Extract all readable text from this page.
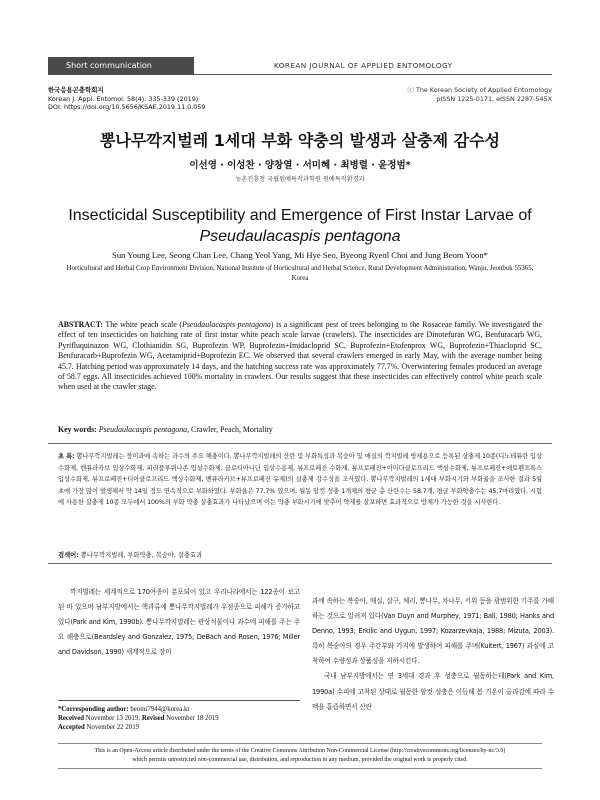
Short communication	KOREAN JOURNAL OF APPLIED ENTOMOLOGY
한국응용곤충학회지
Korean J. Appl. Entomol. 58(4): 335-339 (2019)
DOI: https://doi.org/10.5656/KSAE.2019.11.0.059
ⓒ The Korean Society of Applied Entomology
pISSN 1225-0171, eISSN 2287-545X
뽕나무깍지벌레 1세대 부화 약충의 발생과 살충제 감수성
이선영 · 이성찬 · 양창열 · 서미혜 · 최병렬 · 윤정범*
농촌진흥청 국립원예특작과학원 원예특작환경과
Insecticidal Susceptibility and Emergence of First Instar Larvae of
Pseudaulacaspis pentagona
Sun Young Lee, Seong Chan Lee, Chang Yeol Yang, Mi Hye Seo, Byeong Ryeol Choi and Jung Beom Yoon*
Horticultural and Herbal Crop Environment Division, National Institute of Horticultural and Herbal Science, Rural Development Administration, Wanju, Jeonbuk 55365, Korea
ABSTRACT: The white peach scale (Pseudaulacaspis pentagona) is a significant pest of trees belonging to the Rosaceae family. We investigated the effect of ten insecticides on hatching rate of first instar white peach scale larvae (crawlers). The insecticides are Dinotefuran WG, Benfuracarb WG, Pyrifluquinazon WG, Clothianidin SG, Buprofezin WP, Buprofezin+Imidacloprid SC, Buprofezin+Etofenprox WG, Buprofezin+Thiacloprid SC, Benfuracarb+Buprofezin WG, Acetamiprid+Buprofezin EC. We observed that several crawlers emerged in early May, with the average number being 45.7. Hatching period was approximately 14 days, and the hatching success rate was approximately 77.7%. Overwintering females produced an average of 58.7 eggs. All insecticides achieved 100% mortality in crawlers. Our results suggest that these insecticides can effectively control white peach scale when used at the crawler stage.
Key words: Pseudaulacaspis pentagona, Crawler, Peach, Mortality
초 록: 뽕나무깍지벌레는 장미과에 속하는 과수의 주요 해충이다. 뽕나무깍지벌레의 산란 및 부화특성과 복숭아 및 매실의 깍지벌레 방제용으로 등록된 살충제 10종(디노테퓨란 입상수화제, 벤퓨라카브 입상수화제, 피리플루퀴나존 입상수화제, 클로티아니딘 입상수용제, 뷰프로페진 수화제, 뷰프로페진+이미다클로프리드 액상수화제, 뷰프로페진+에토펜프록스 입상수화제, 뷰프로페진+티아클로프리드 액상수화제, 벤퓨라카브+뷰프로페진 유제)의 살충제 감수성을 조사였다. 뽕나무깍지벌레의 1세대 부화시기와 부화율을 조사한 결과 5월 초에 가장 많이 발생해서 약 14일 정도 연속적으로 부화하였다. 부화율은 77.7% 였으며, 월동 암컷 성충 1개체의 평균 총 산란수는 58.7개, 평균 부화약충수는 45.7마리였다. 시험에 사용한 살충제 10종 모두에서 100%의 부화 약충 살충효과가 나타났으며 이는 약충 부화시기에 맞추어 약제를 살포하면 효과적으로 방제가 가능한 것을 시사한다.
검색어: 뽕나무깍지벌레, 부화약충, 복숭아, 살충효과

깍지벌레는 세계적으로 170여종이 분포되어 있고 우리나라에서는 122종이 보고된 바 있으며 남부지방에서는 핵과류에 뽕나무깍지벌레가 우점종으로 피해가 증가하고 있다(Park and Kim, 1990b). 뽕나무깍지벌레는 관상식물이나 과수에 피해를 주는 주요 해충으로(Beardsley and Gonzalez, 1975; DeBach and Rosen, 1976; Miller and Davidson, 1990) 세계적으로 장미

과에 속하는 복숭아, 매실, 살구, 체리, 뽕나무, 차나무, 키위 등을 광범위한 기주를 가해하는 것으로 알려져 있다(Van Duyn and Murphey, 1971; Ball, 1980; Hanks and Denno, 1993; Erkilic and Uygun, 1997; Kozarzevkaja, 1988; Mizuta, 2003). 특히 복숭아의 경우 주간부와 가지에 발생하여 피해를 주며(Kuitert, 1967) 과실에 고착하여 수량성과 상품성을 저하시킨다.

국내 남부지방에서는 연 3세대 경과 후 성충으로 월동하는데(Park and Kim, 1990a) 수피에 고착된 상태로 월동한 암컷 성충은 이듬해 봄 기온이 올라감에 따라 수액을 흡즙하면서 산란

*Corresponding author: beomi7944@korea.kr
Received November 13 2019; Revised November 18 2019
Accepted November 22 2019
This is an Open-Access article distributed under the terms of the Creative Commons Attribution Non-Commercial License (http://creativecommons.org/licenses/by-nc/3.0)
which permits unrestricted non-commercial use, distribution, and reproduction in any medium, provided the original work is properly cited.
